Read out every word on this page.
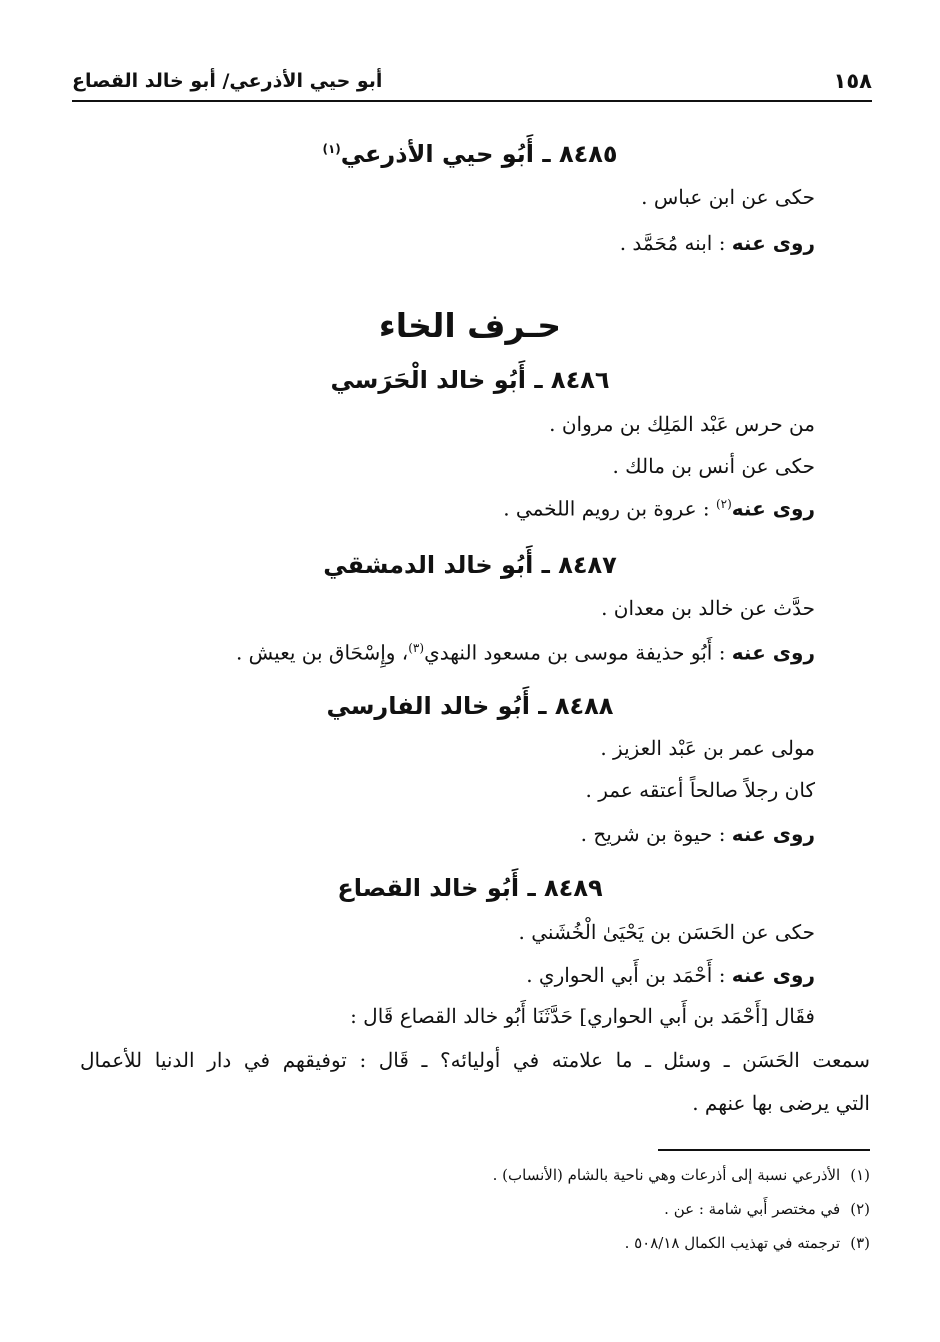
١٥٨
أبو حيي الأذرعي/ أبو خالد القصاع
٨٤٨٥ ـ أَبُو حيي الأذرعي$^{(١)}$
حكى عن ابن عباس .
روى عنه : ابنه مُحَمَّد .
حـرف الخاء
٨٤٨٦ ـ أَبُو خالد الْحَرَسي
من حرس عَبْد المَلِك بن مروان .
حكى عن أنس بن مالك .
روى عنه$^{(٢)}$ : عروة بن رويم اللخمي .
٨٤٨٧ ـ أَبُو خالد الدمشقي
حدَّث عن خالد بن معدان .
روى عنه : أَبُو حذيفة موسى بن مسعود النهدي$^{(٣)}$، وإِسْحَاق بن يعيش .
٨٤٨٨ ـ أَبُو خالد الفارسي
مولى عمر بن عَبْد العزيز .
كان رجلاً صالحاً أعتقه عمر .
روى عنه : حيوة بن شريح .
٨٤٨٩ ـ أَبُو خالد القصاع
حكى عن الحَسَن بن يَحْيَىٰ الْخُشَني .
روى عنه : أَحْمَد بن أَبي الحواري .
فقَال [أَحْمَد بن أَبي الحواري] حَدَّثَنَا أَبُو خالد القصاع قَال :
سمعت الحَسَن ـ وسئل ـ ما علامته في أوليائه؟ ـ قَال : توفيقهم في دار الدنيا للأعمال
التي يرضى بها عنهم .
(١)الأذرعي نسبة إلى أذرعات وهي ناحية بالشام (الأنساب) .
(٢)في مختصر أَبي شامة : عن .
(٣)ترجمته في تهذيب الكمال ٥٠٨/١٨ .
